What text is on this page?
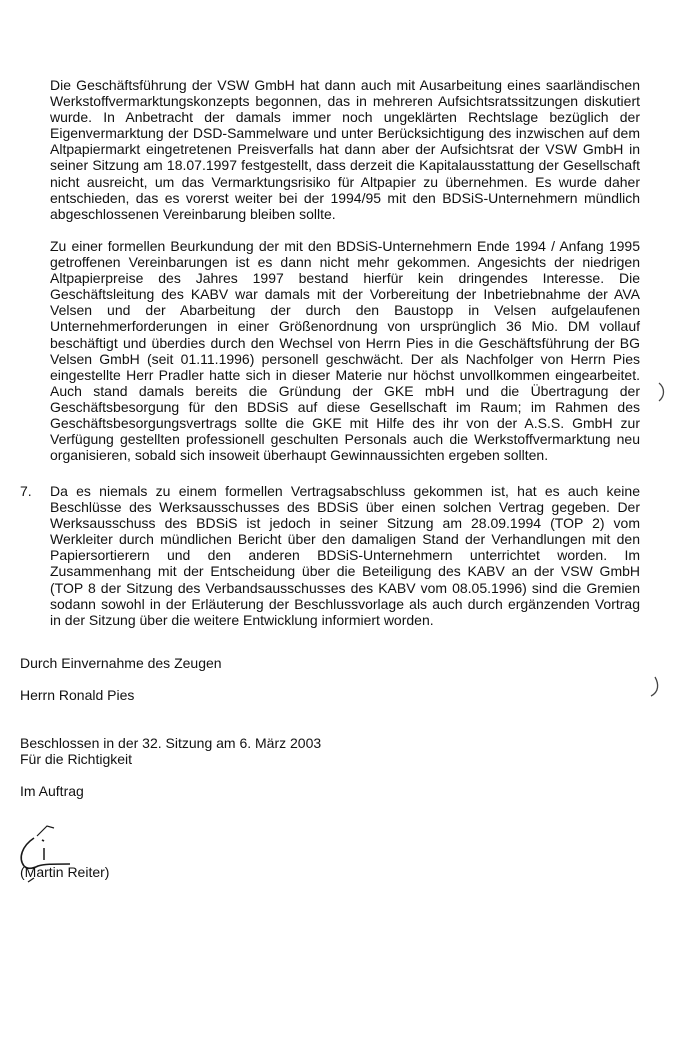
Die Geschäftsführung der VSW GmbH hat dann auch mit Ausarbeitung eines saarländischen Werkstoffvermarktungskonzepts begonnen, das in mehreren Aufsichtsratssitzungen diskutiert wurde. In Anbetracht der damals immer noch ungeklärten Rechtslage bezüglich der Eigenvermarktung der DSD-Sammelware und unter Berücksichtigung des inzwischen auf dem Altpapiermarkt eingetretenen Preisverfalls hat dann aber der Aufsichtsrat der VSW GmbH in seiner Sitzung am 18.07.1997 festgestellt, dass derzeit die Kapitalausstattung der Gesellschaft nicht ausreicht, um das Vermarktungsrisiko für Altpapier zu übernehmen. Es wurde daher entschieden, das es vorerst weiter bei der 1994/95 mit den BDSiS-Unternehmern mündlich abgeschlossenen Vereinbarung bleiben sollte.

Zu einer formellen Beurkundung der mit den BDSiS-Unternehmern Ende 1994 / Anfang 1995 getroffenen Vereinbarungen ist es dann nicht mehr gekommen. Angesichts der niedrigen Altpapierpreise des Jahres 1997 bestand hierfür kein dringendes Interesse. Die Geschäftsleitung des KABV war damals mit der Vorbereitung der Inbetriebnahme der AVA Velsen und der Abarbeitung der durch den Baustopp in Velsen aufgelaufenen Unternehmerforderungen in einer Größenordnung von ursprünglich 36 Mio. DM vollauf beschäftigt und überdies durch den Wechsel von Herrn Pies in die Geschäftsführung der BG Velsen GmbH (seit 01.11.1996) personell geschwächt. Der als Nachfolger von Herrn Pies eingestellte Herr Pradler hatte sich in dieser Materie nur höchst unvollkommen eingearbeitet. Auch stand damals bereits die Gründung der GKE mbH und die Übertragung der Geschäftsbesorgung für den BDSiS auf diese Gesellschaft im Raum; im Rahmen des Geschäftsbesorgungsvertrags sollte die GKE mit Hilfe des ihr von der A.S.S. GmbH zur Verfügung gestellten professionell geschulten Personals auch die Werkstoffvermarktung neu organisieren, sobald sich insoweit überhaupt Gewinnaussichten ergeben sollten.

7. Da es niemals zu einem formellen Vertragsabschluss gekommen ist, hat es auch keine Beschlüsse des Werksausschusses des BDSiS über einen solchen Vertrag gegeben. Der Werksausschuss des BDSiS ist jedoch in seiner Sitzung am 28.09.1994 (TOP 2) vom Werkleiter durch mündlichen Bericht über den damaligen Stand der Verhandlungen mit den Papiersortierern und den anderen BDSiS-Unternehmern unterrichtet worden. Im Zusammenhang mit der Entscheidung über die Beteiligung des KABV an der VSW GmbH (TOP 8 der Sitzung des Verbandsausschusses des KABV vom 08.05.1996) sind die Gremien sodann sowohl in der Erläuterung der Beschlussvorlage als auch durch ergänzenden Vortrag in der Sitzung über die weitere Entwicklung informiert worden.

Durch Einvernahme des Zeugen
Herrn Ronald Pies
Beschlossen in der 32. Sitzung am 6. März 2003
Für die Richtigkeit
Im Auftrag
(Martin Reiter)
